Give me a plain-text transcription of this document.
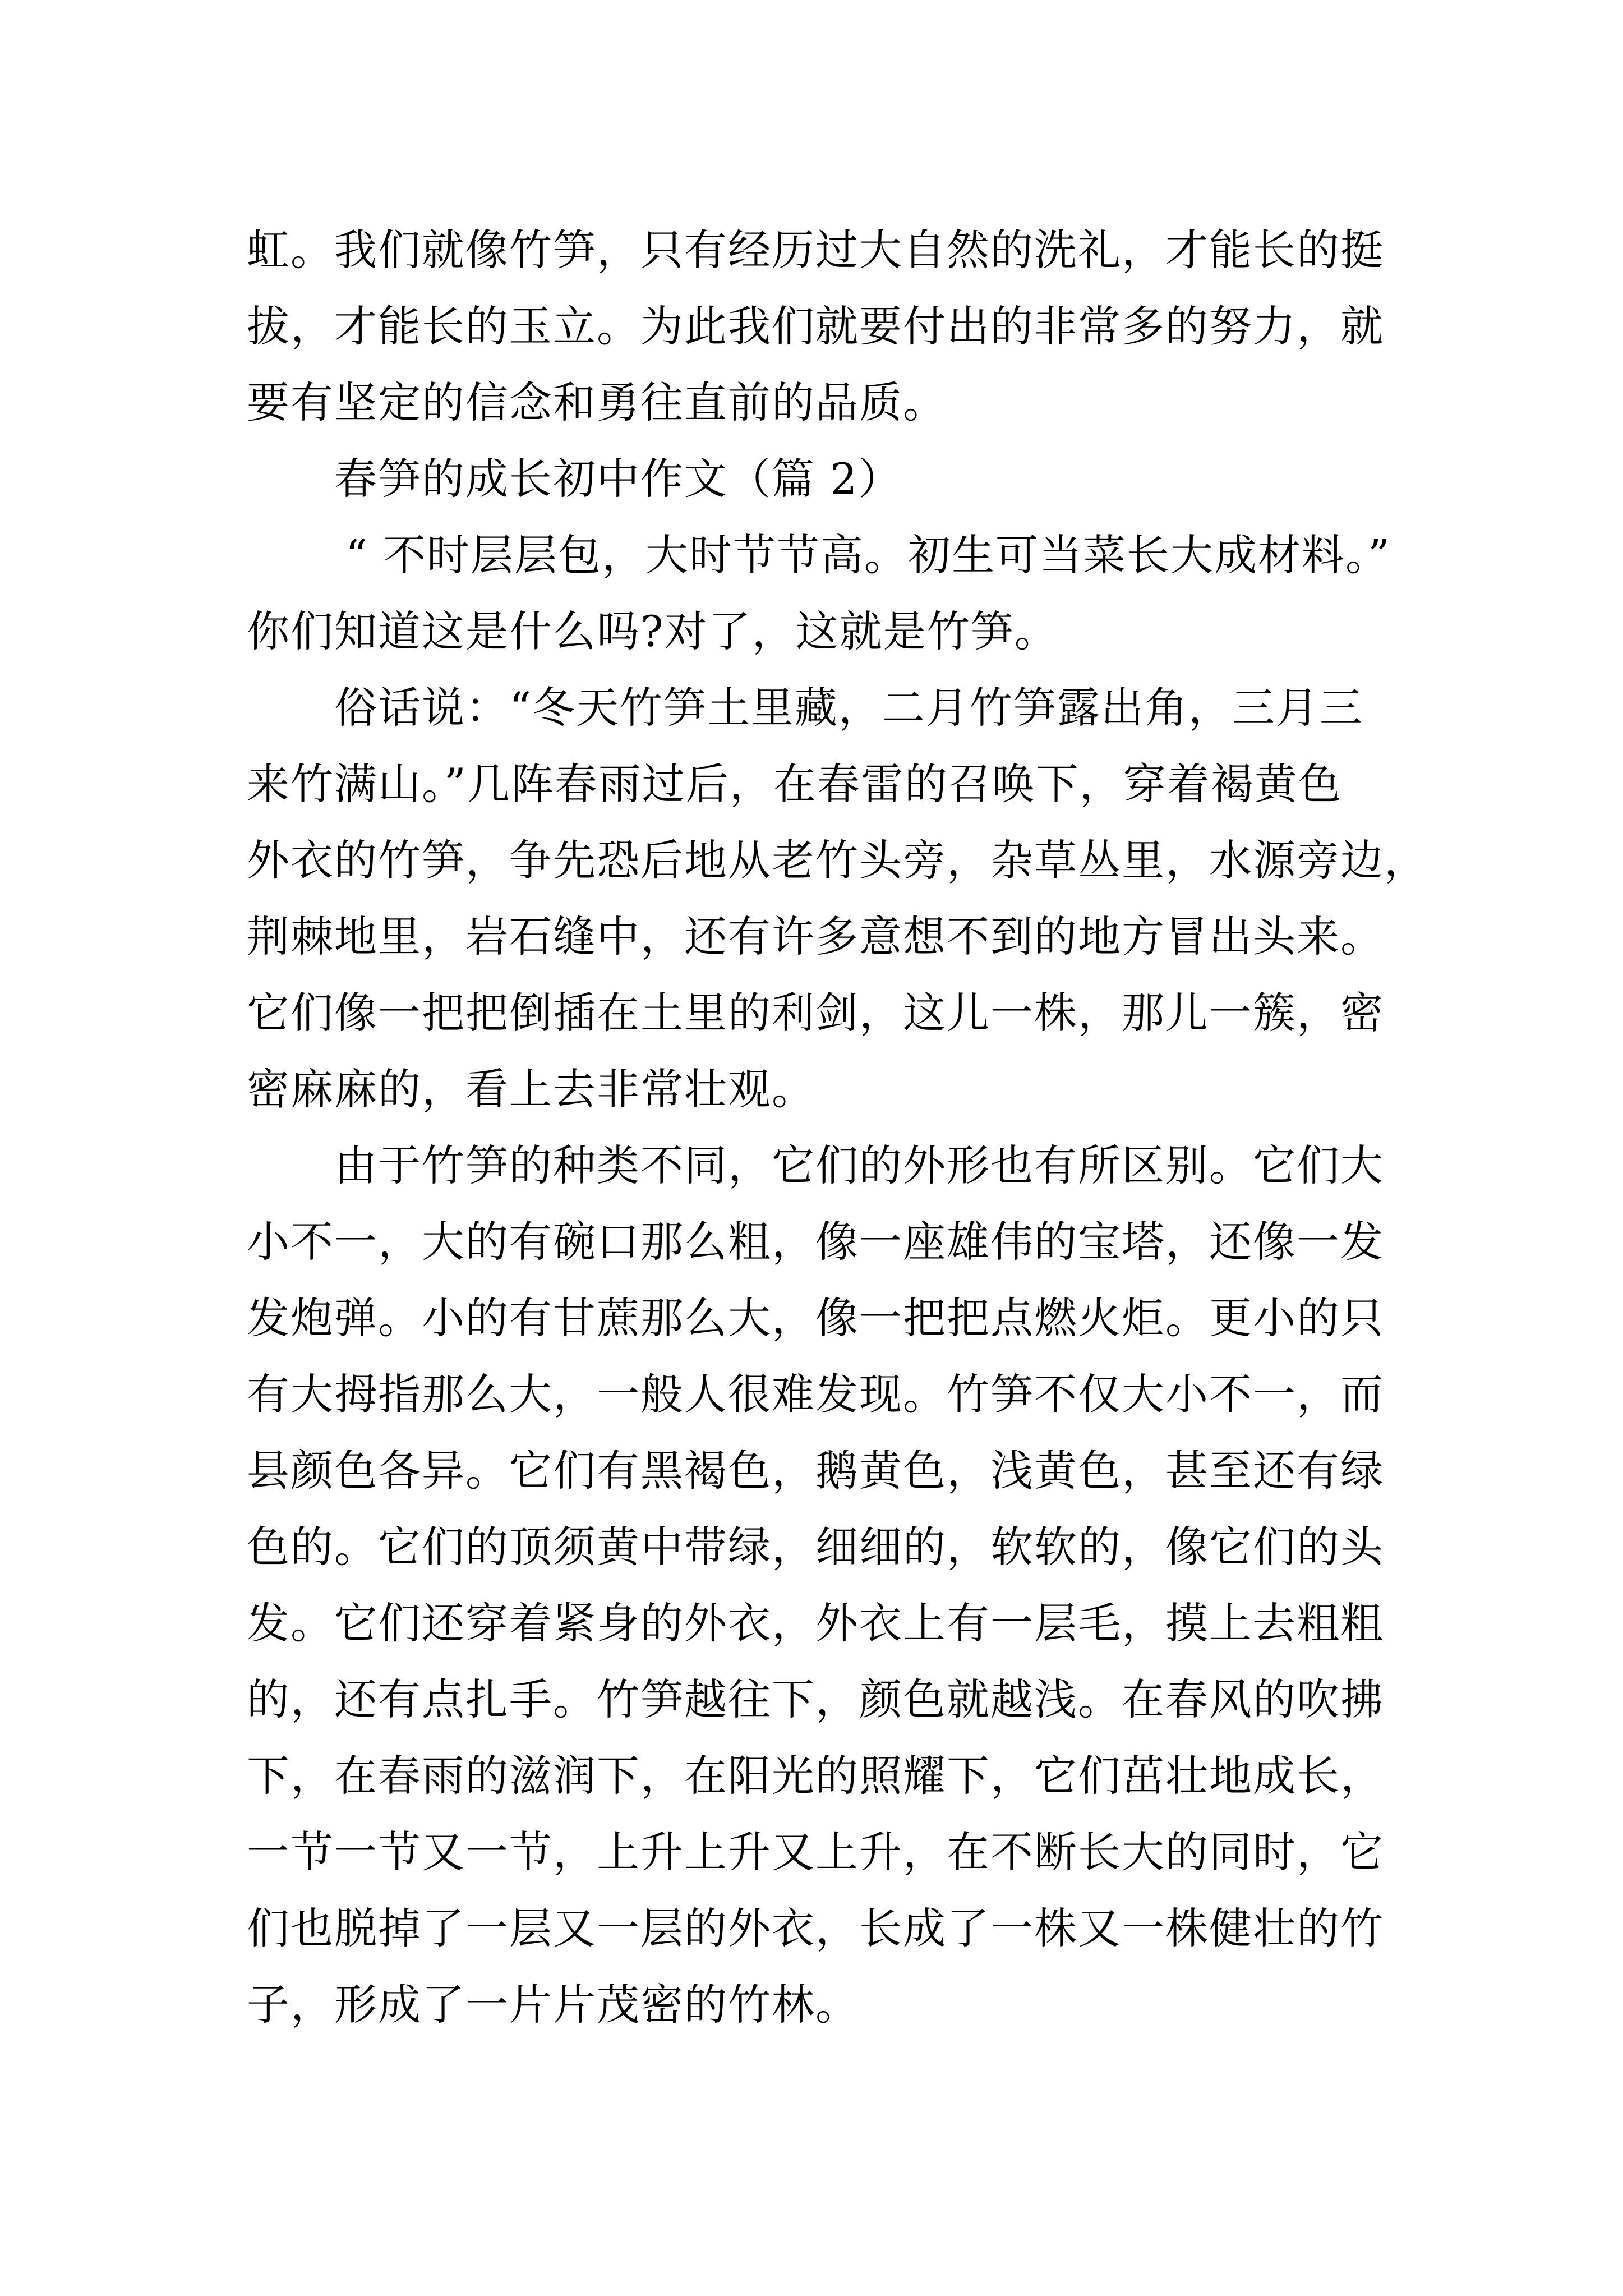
虹。我们就像竹笋，只有经历过大自然的洗礼，才能长的挺
拔，才能长的玉立。为此我们就要付出的非常多的努力，就
要有坚定的信念和勇往直前的品质。
春笋的成长初中作文（篇 2）
“ 不时层层包，大时节节高。初生可当菜长大成材料。”
你们知道这是什么吗?对了，这就是竹笋。
俗话说：“冬天竹笋土里藏，二月竹笋露出角，三月三
来竹满山。”几阵春雨过后，在春雷的召唤下，穿着褐黄色
外衣的竹笋，争先恐后地从老竹头旁，杂草丛里，水源旁边，
荆棘地里，岩石缝中，还有许多意想不到的地方冒出头来。
它们像一把把倒插在土里的利剑，这儿一株，那儿一簇，密
密麻麻的，看上去非常壮观。
由于竹笋的种类不同，它们的外形也有所区别。它们大
小不一，大的有碗口那么粗，像一座雄伟的宝塔，还像一发
发炮弹。小的有甘蔗那么大，像一把把点燃火炬。更小的只
有大拇指那么大，一般人很难发现。竹笋不仅大小不一，而
县颜色各异。它们有黑褐色，鹅黄色，浅黄色，甚至还有绿
色的。它们的顶须黄中带绿，细细的，软软的，像它们的头
发。它们还穿着紧身的外衣，外衣上有一层毛，摸上去粗粗
的，还有点扎手。竹笋越往下，颜色就越浅。在春风的吹拂
下，在春雨的滋润下，在阳光的照耀下，它们茁壮地成长，
一节一节又一节，上升上升又上升，在不断长大的同时，它
们也脱掉了一层又一层的外衣，长成了一株又一株健壮的竹
子，形成了一片片茂密的竹林。
